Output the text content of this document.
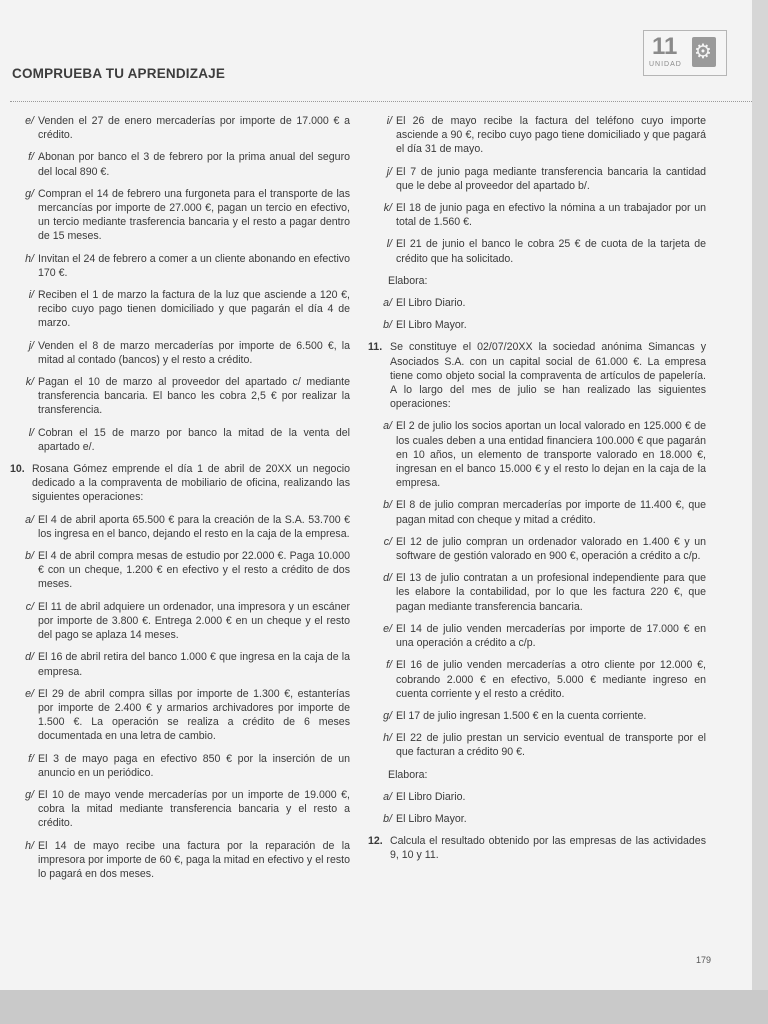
COMPRUEBA TU APRENDIZAJE
11
UNIDAD
⚙
e/ Venden el 27 de enero mercaderías por importe de 17.000 € a crédito.
f/ Abonan por banco el 3 de febrero por la prima anual del seguro del local 890 €.
g/ Compran el 14 de febrero una furgoneta para el transporte de las mercancías por importe de 27.000 €, pagan un tercio en efectivo, un tercio mediante trasferencia bancaria y el resto a pagar dentro de 15 meses.
h/ Invitan el 24 de febrero a comer a un cliente abonando en efectivo 170 €.
i/ Reciben el 1 de marzo la factura de la luz que asciende a 120 €, recibo cuyo pago tienen domiciliado y que pagarán el día 4 de marzo.
j/ Venden el 8 de marzo mercaderías por importe de 6.500 €, la mitad al contado (bancos) y el resto a crédito.
k/ Pagan el 10 de marzo al proveedor del apartado c/ mediante transferencia bancaria. El banco les cobra 2,5 € por realizar la transferencia.
l/ Cobran el 15 de marzo por banco la mitad de la venta del apartado e/.
10. Rosana Gómez emprende el día 1 de abril de 20XX un negocio dedicado a la compraventa de mobiliario de oficina, realizando las siguientes operaciones:
a/ El 4 de abril aporta 65.500 € para la creación de la S.A. 53.700 € los ingresa en el banco, dejando el resto en la caja de la empresa.
b/ El 4 de abril compra mesas de estudio por 22.000 €. Paga 10.000 € con un cheque, 1.200 € en efectivo y el resto a crédito de dos meses.
c/ El 11 de abril adquiere un ordenador, una impresora y un escáner por importe de 3.800 €. Entrega 2.000 € en un cheque y el resto del pago se aplaza 14 meses.
d/ El 16 de abril retira del banco 1.000 € que ingresa en la caja de la empresa.
e/ El 29 de abril compra sillas por importe de 1.300 €, estanterías por importe de 2.400 € y armarios archivadores por importe de 1.500 €. La operación se realiza a crédito de 6 meses documentada en una letra de cambio.
f/ El 3 de mayo paga en efectivo 850 € por la inserción de un anuncio en un periódico.
g/ El 10 de mayo vende mercaderías por un importe de 19.000 €, cobra la mitad mediante transferencia bancaria y el resto a crédito.
h/ El 14 de mayo recibe una factura por la reparación de la impresora por importe de 60 €, paga la mitad en efectivo y el resto lo pagará en dos meses.
i/ El 26 de mayo recibe la factura del teléfono cuyo importe asciende a 90 €, recibo cuyo pago tiene domiciliado y que pagará el día 31 de mayo.
j/ El 7 de junio paga mediante transferencia bancaria la cantidad que le debe al proveedor del apartado b/.
k/ El 18 de junio paga en efectivo la nómina a un trabajador por un total de 1.560 €.
l/ El 21 de junio el banco le cobra 25 € de cuota de la tarjeta de crédito que ha solicitado.
Elabora:
a/ El Libro Diario.
b/ El Libro Mayor.
11. Se constituye el 02/07/20XX la sociedad anónima Simancas y Asociados S.A. con un capital social de 61.000 €. La empresa tiene como objeto social la compraventa de artículos de papelería. A lo largo del mes de julio se han realizado las siguientes operaciones:
a/ El 2 de julio los socios aportan un local valorado en 125.000 € de los cuales deben a una entidad financiera 100.000 € que pagarán en 10 años, un elemento de transporte valorado en 18.000 €, ingresan en el banco 15.000 € y el resto lo dejan en la caja de la empresa.
b/ El 8 de julio compran mercaderías por importe de 11.400 €, que pagan mitad con cheque y mitad a crédito.
c/ El 12 de julio compran un ordenador valorado en 1.400 € y un software de gestión valorado en 900 €, operación a crédito a c/p.
d/ El 13 de julio contratan a un profesional independiente para que les elabore la contabilidad, por lo que les factura 220 €, que pagan mediante transferencia bancaria.
e/ El 14 de julio venden mercaderías por importe de 17.000 € en una operación a crédito a c/p.
f/ El 16 de julio venden mercaderías a otro cliente por 12.000 €, cobrando 2.000 € en efectivo, 5.000 € mediante ingreso en cuenta corriente y el resto a crédito.
g/ El 17 de julio ingresan 1.500 € en la cuenta corriente.
h/ El 22 de julio prestan un servicio eventual de transporte por el que facturan a crédito 90 €.
Elabora:
a/ El Libro Diario.
b/ El Libro Mayor.
12. Calcula el resultado obtenido por las empresas de las actividades 9, 10 y 11.
179
